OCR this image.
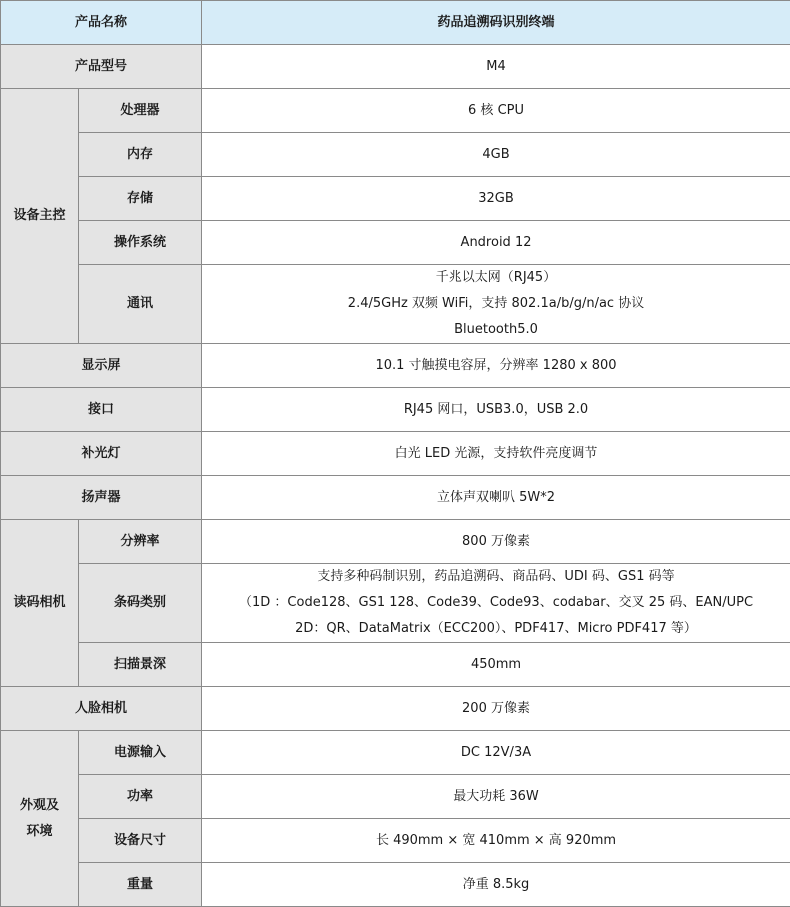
产品名称		药品追溯码识别终端
产品型号		M4

设备主控	处理器	6 核 CPU

	内存	4GB

	存储	32GB

	操作系统	Android 12

	通讯	千兆以太网（RJ45）
2.4/5GHz 双频 WiFi，支持 802.1a/b/g/n/ac 协议
Bluetooth5.0

显示屏		10.1 寸触摸电容屏，分辨率 1280 x 800
接口		RJ45 网口，USB3.0，USB 2.0
补光灯		白光 LED 光源，支持软件亮度调节
扬声器		立体声双喇叭 5W*2

读码相机	分辨率	800 万像素

	条码类别	支持多种码制识别，药品追溯码、商品码、UDI 码、GS1 码等
（1D ：Code128、GS1 128、Code39、Code93、codabar、交叉 25 码、EAN/UPC
2D：QR、DataMatrix（ECC200）、PDF417、Micro PDF417 等）

	扫描景深	450mm

人脸相机		200 万像素

外观及
环境	电源输入	DC 12V/3A

	功率	最大功耗 36W

	设备尺寸	长 490mm × 宽 410mm × 高 920mm

	重量	净重 8.5kg
